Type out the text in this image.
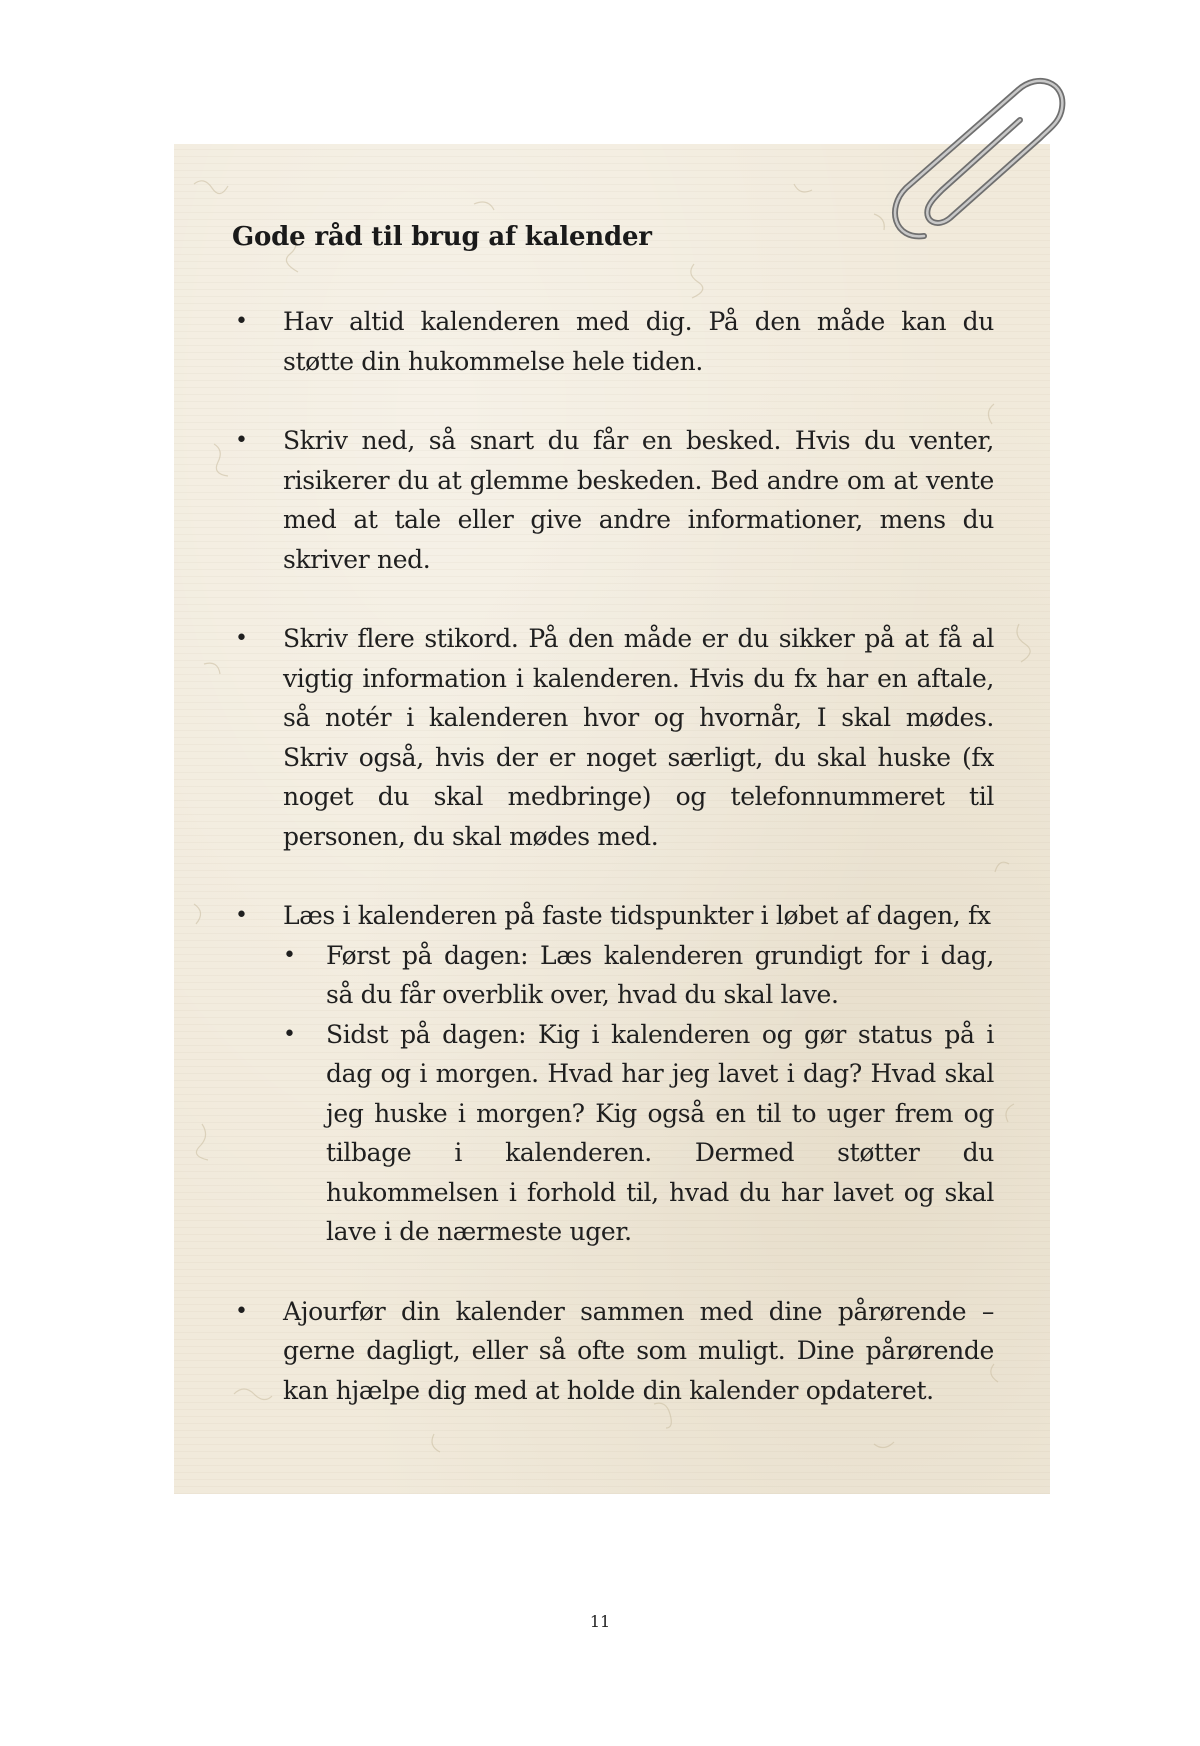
Gode råd til brug af kalender
• Hav altid kalenderen med dig. På den måde kan du støtte din hukommelse hele tiden.
• Skriv ned, så snart du får en besked. Hvis du venter, risikerer du at glemme beskeden. Bed andre om at vente med at tale eller give andre informationer, mens du skriver ned.
• Skriv flere stikord. På den måde er du sikker på at få al vigtig information i kalenderen. Hvis du fx har en aftale, så notér i kalenderen hvor og hvornår, I skal mødes. Skriv også, hvis der er noget særligt, du skal huske (fx noget du skal medbringe) og telefonnummeret til personen, du skal mødes med.
• Læs i kalenderen på faste tidspunkter i løbet af dagen, fx
• Først på dagen: Læs kalenderen grundigt for i dag, så du får overblik over, hvad du skal lave.
• Sidst på dagen: Kig i kalenderen og gør status på i dag og i morgen. Hvad har jeg lavet i dag? Hvad skal jeg huske i morgen? Kig også en til to uger frem og tilbage i kalenderen. Dermed støtter du hukommelsen i forhold til, hvad du har lavet og skal lave i de nærmeste uger.
• Ajourfør din kalender sammen med dine pårørende – gerne dagligt, eller så ofte som muligt. Dine pårørende kan hjælpe dig med at holde din kalender opdateret.
11
